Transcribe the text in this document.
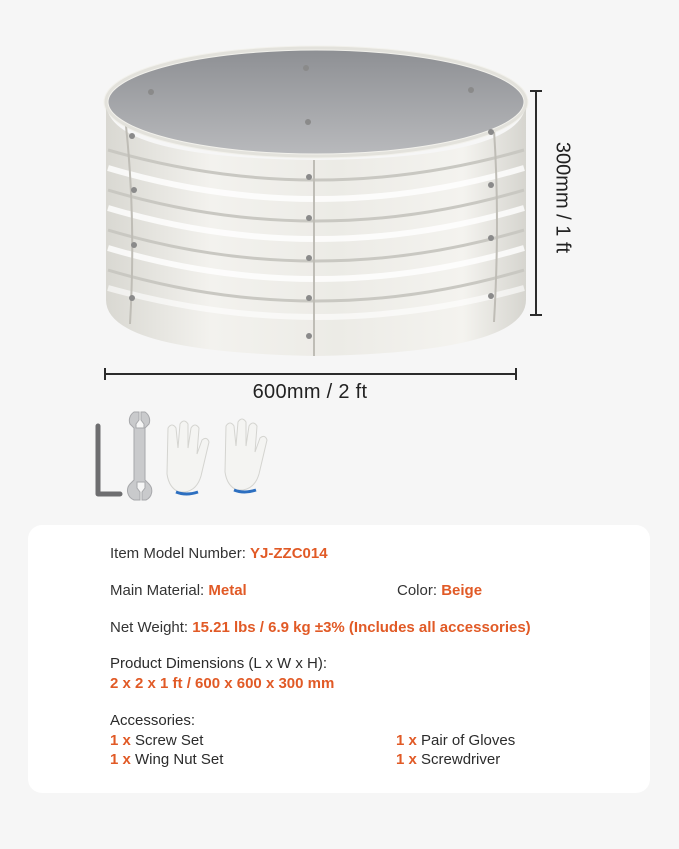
600mm / 2 ft
300mm / 1 ft
Item Model Number: YJ-ZZC014
Main Material: Metal	Color: Beige
Net Weight: 15.21 lbs / 6.9 kg ±3% (Includes all accessories)
Product Dimensions (L x W x H):
2 x 2 x 1 ft / 600 x 600 x 300 mm
Accessories:
1 x Screw Set
1 x Wing Nut Set
1 x Pair of Gloves
1 x Screwdriver
